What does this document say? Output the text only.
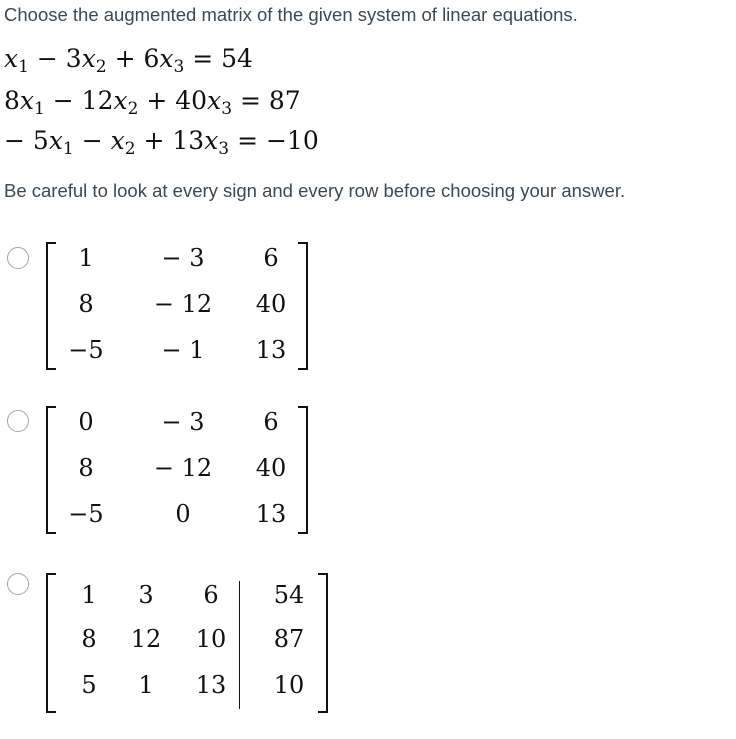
Choose the augmented matrix of the given system of linear equations.
$x_1 - 3x_2 + 6x_3 = 54$
$8x_1 - 12x_2 + 40x_3 = 87$
− $5x_1 - x_2 + 13x_3 = -10$
Be careful to look at every sign and every row before choosing your answer.
1	− 3	6
8	− 12	40
−5	− 1	13
0	− 3	6
8	− 12	40
−5	0	13
1	3	6	54
8	12	10	87
5	1	13	10
